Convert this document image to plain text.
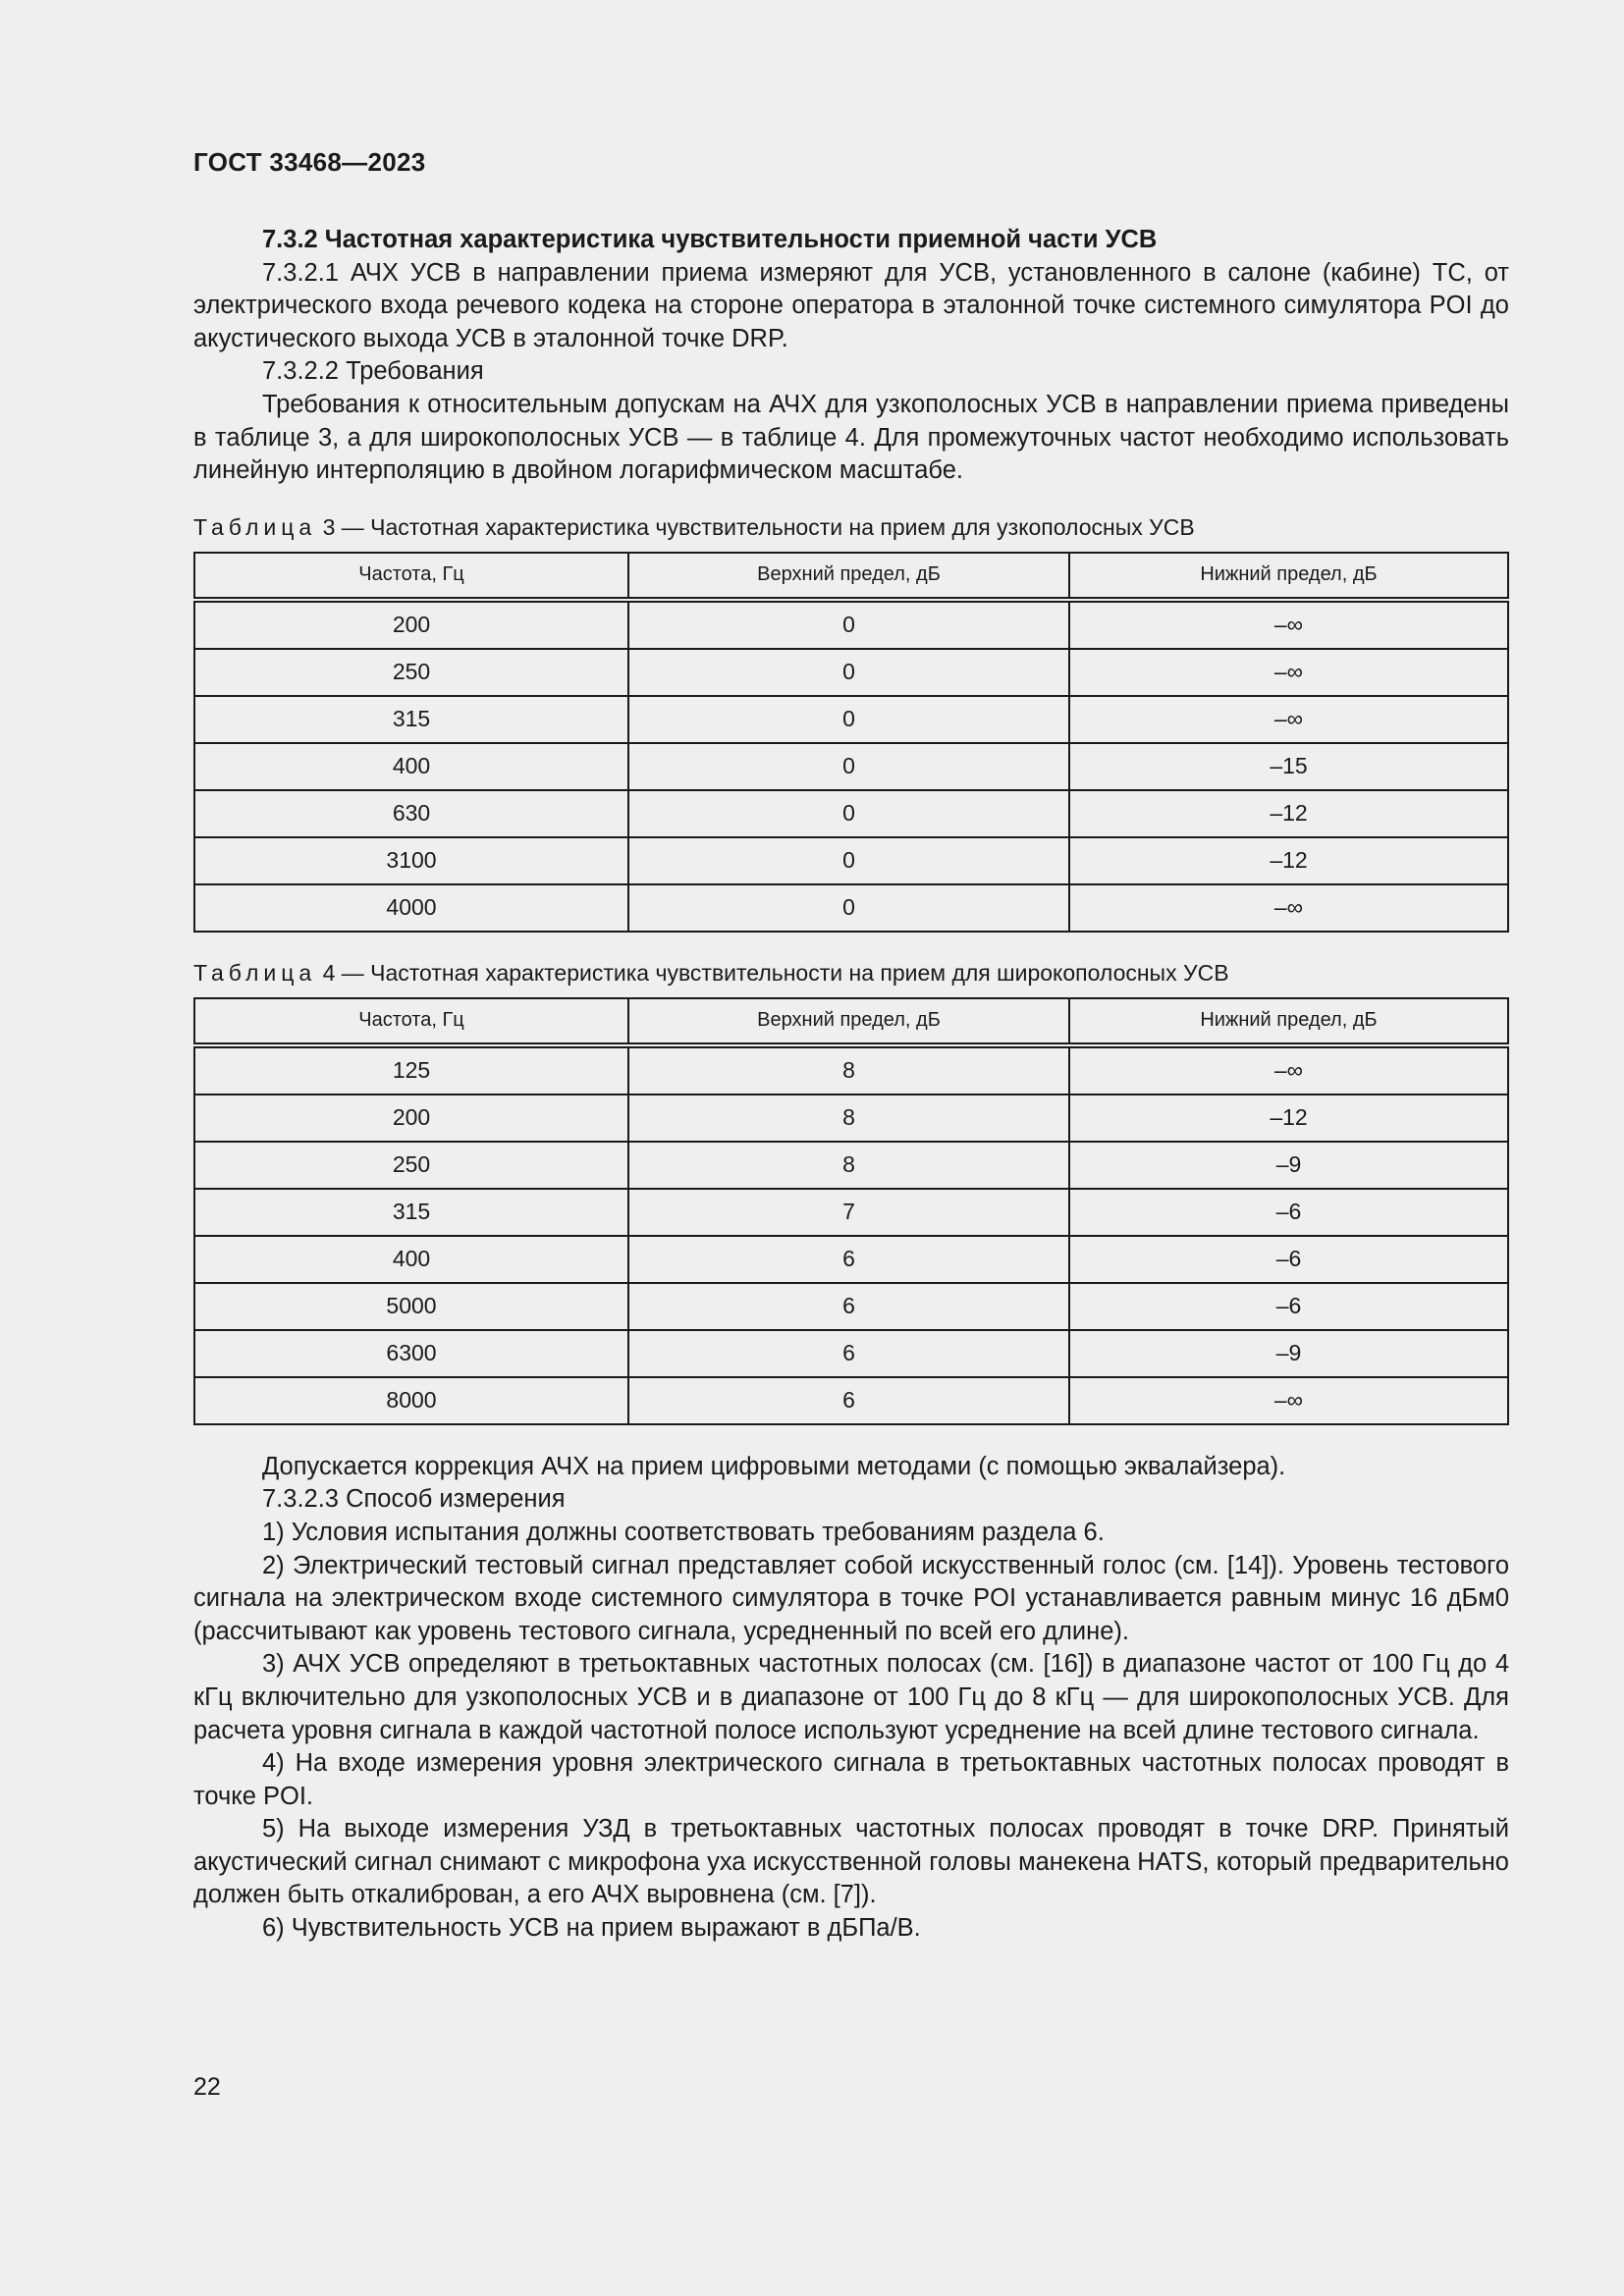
ГОСТ 33468—2023

7.3.2 Частотная характеристика чувствительности приемной части УСВ

7.3.2.1 АЧХ УСВ в направлении приема измеряют для УСВ, установленного в салоне (кабине) ТС, от электрического входа речевого кодека на стороне оператора в эталонной точке системного симулятора POI до акустического выхода УСВ в эталонной точке DRP.

7.3.2.2 Требования

Требования к относительным допускам на АЧХ для узкополосных УСВ в направлении приема приведены в таблице 3, а для широкополосных УСВ — в таблице 4. Для промежуточных частот необходимо использовать линейную интерполяцию в двойном логарифмическом масштабе.

Таблица 3 — Частотная характеристика чувствительности на прием для узкополосных УСВ
Частота, Гц	Верхний предел, дБ	Нижний предел, дБ
200	0	–∞
250	0	–∞
315	0	–∞
400	0	–15
630	0	–12
3100	0	–12
4000	0	–∞
Таблица 4 — Частотная характеристика чувствительности на прием для широкополосных УСВ
Частота, Гц	Верхний предел, дБ	Нижний предел, дБ
125	8	–∞
200	8	–12
250	8	–9
315	7	–6
400	6	–6
5000	6	–6
6300	6	–9
8000	6	–∞

Допускается коррекция АЧХ на прием цифровыми методами (с помощью эквалайзера).

7.3.2.3 Способ измерения

1) Условия испытания должны соответствовать требованиям раздела 6.

2) Электрический тестовый сигнал представляет собой искусственный голос (см. [14]). Уровень тестового сигнала на электрическом входе системного симулятора в точке POI устанавливается равным минус 16 дБм0 (рассчитывают как уровень тестового сигнала, усредненный по всей его длине).

3) АЧХ УСВ определяют в третьоктавных частотных полосах (см. [16]) в диапазоне частот от 100 Гц до 4 кГц включительно для узкополосных УСВ и в диапазоне от 100 Гц до 8 кГц — для широкополосных УСВ. Для расчета уровня сигнала в каждой частотной полосе используют усреднение на всей длине тестового сигнала.

4) На входе измерения уровня электрического сигнала в третьоктавных частотных полосах проводят в точке POI.

5) На выходе измерения УЗД в третьоктавных частотных полосах проводят в точке DRP. Принятый акустический сигнал снимают с микрофона уха искусственной головы манекена HATS, который предварительно должен быть откалиброван, а его АЧХ выровнена (см. [7]).

6) Чувствительность УСВ на прием выражают в дБПа/В.

22
